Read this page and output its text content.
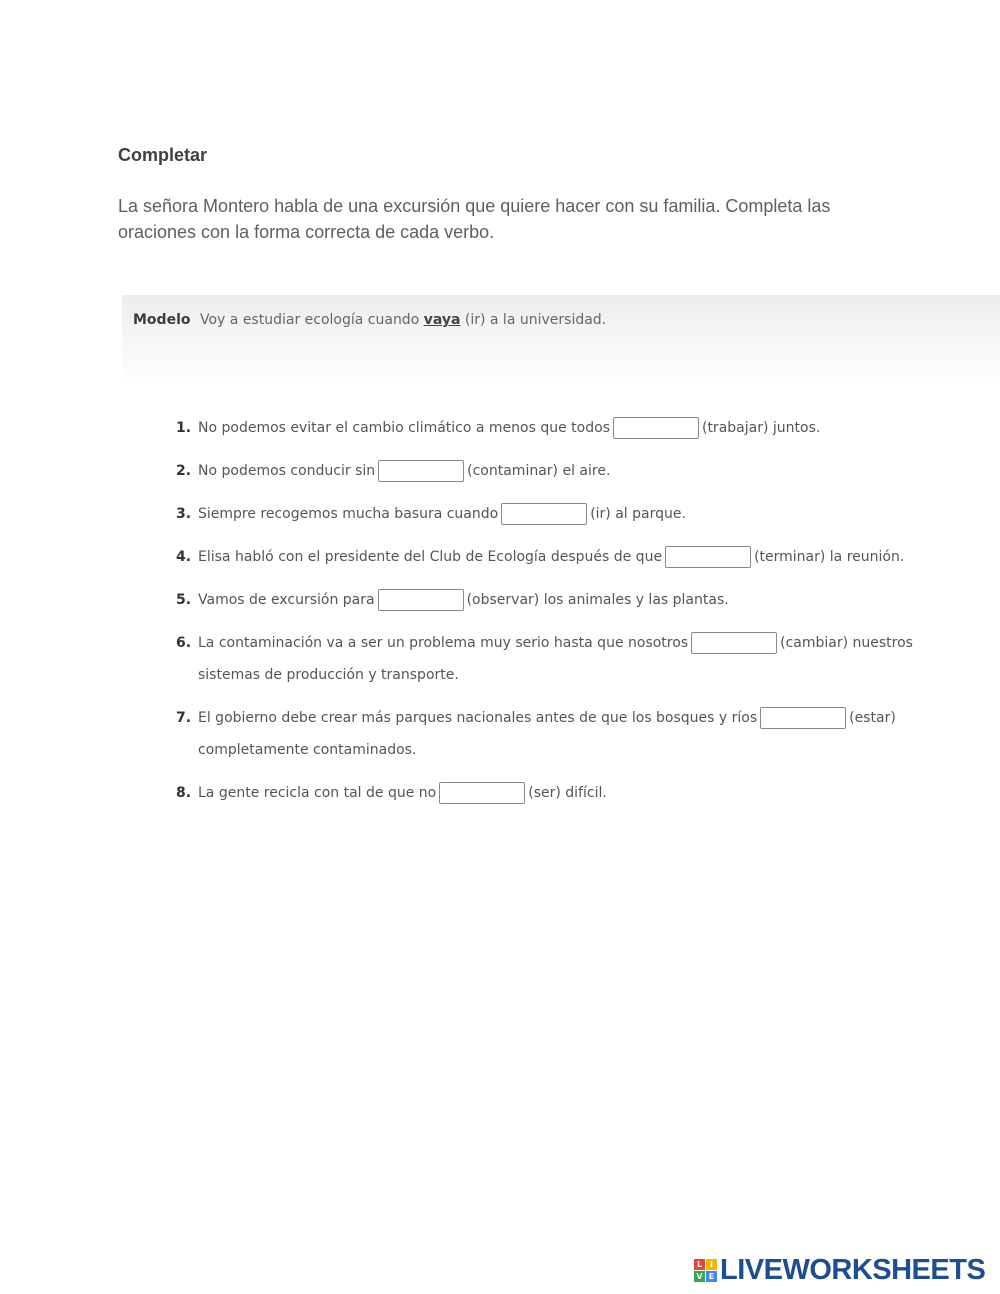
Completar
La señora Montero habla de una excursión que quiere hacer con su familia. Completa las oraciones con la forma correcta de cada verbo.
Modelo Voy a estudiar ecología cuando vaya (ir) a la universidad.
1. No podemos evitar el cambio climático a menos que todos	(trabajar) juntos.
2. No podemos conducir sin	(contaminar) el aire.
3. Siempre recogemos mucha basura cuando	(ir) al parque.
4. Elisa habló con el presidente del Club de Ecología después de que	(terminar) la reunión.
5. Vamos de excursión para	(observar) los animales y las plantas.
6. La contaminación va a ser un problema muy serio hasta que nosotros	(cambiar) nuestros sistemas de producción y transporte.
7. El gobierno debe crear más parques nacionales antes de que los bosques y ríos	(estar) completamente contaminados.
8. La gente recicla con tal de que no	(ser) difícil.
L I
V E LIVEWORKSHEETS
